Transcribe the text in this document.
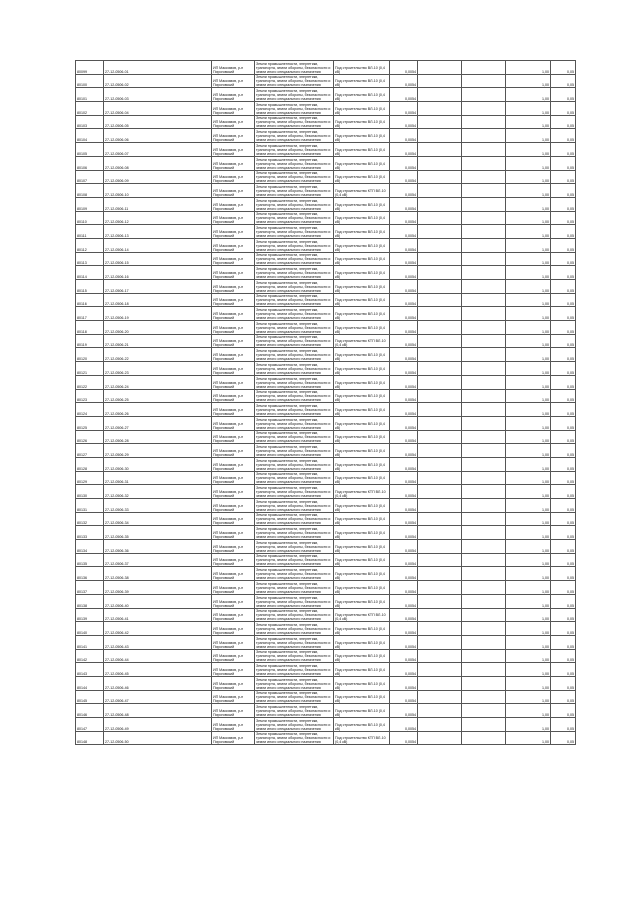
80099	27-12-0506-01	ИП Максимов, р-н Пироговский	Земли промышленности, энергетики, транспорта, земли обороны, безопасности и земли иного специального назначения	Под строительство ВЛ-10 (0,4 кВ)	0,0054			1,00	0,05
80100	27-12-0506-02	ИП Максимов, р-н Пироговский	Земли промышленности, энергетики, транспорта, земли обороны, безопасности и земли иного специального назначения	Под строительство ВЛ-10 (0,4 кВ)	0,0054			1,00	0,05
80101	27-12-0506-03	ИП Максимов, р-н Пироговский	Земли промышленности, энергетики, транспорта, земли обороны, безопасности и земли иного специального назначения	Под строительство ВЛ-10 (0,4 кВ)	0,0054			1,00	0,05
80102	27-12-0506-04	ИП Максимов, р-н Пироговский	Земли промышленности, энергетики, транспорта, земли обороны, безопасности и земли иного специального назначения	Под строительство ВЛ-10 (0,4 кВ)	0,0054			1,00	0,05
80103	27-12-0506-05	ИП Максимов, р-н Пироговский	Земли промышленности, энергетики, транспорта, земли обороны, безопасности и земли иного специального назначения	Под строительство ВЛ-10 (0,4 кВ)	0,0054			1,00	0,05
80104	27-12-0506-06	ИП Максимов, р-н Пироговский	Земли промышленности, энергетики, транспорта, земли обороны, безопасности и земли иного специального назначения	Под строительство ВЛ-10 (0,4 кВ)	0,0054			1,00	0,05
80105	27-12-0506-07	ИП Максимов, р-н Пироговский	Земли промышленности, энергетики, транспорта, земли обороны, безопасности и земли иного специального назначения	Под строительство ВЛ-10 (0,4 кВ)	0,0054			1,00	0,05
80106	27-12-0506-08	ИП Максимов, р-н Пироговский	Земли промышленности, энергетики, транспорта, земли обороны, безопасности и земли иного специального назначения	Под строительство ВЛ-10 (0,4 кВ)	0,0054			1,00	0,05
80107	27-12-0506-09	ИП Максимов, р-н Пироговский	Земли промышленности, энергетики, транспорта, земли обороны, безопасности и земли иного специального назначения	Под строительство ВЛ-10 (0,4 кВ)	0,0054			1,00	0,05
80108	27-12-0506-10	ИП Максимов, р-н Пироговский	Земли промышленности, энергетики, транспорта, земли обороны, безопасности и земли иного специального назначения	Под строительство КТП ВЛ-10 (0,4 кВ)	0,0054			1,00	0,05
80109	27-12-0506-11	ИП Максимов, р-н Пироговский	Земли промышленности, энергетики, транспорта, земли обороны, безопасности и земли иного специального назначения	Под строительство ВЛ-10 (0,4 кВ)	0,0054			1,00	0,05
80110	27-12-0506-12	ИП Максимов, р-н Пироговский	Земли промышленности, энергетики, транспорта, земли обороны, безопасности и земли иного специального назначения	Под строительство ВЛ-10 (0,4 кВ)	0,0054			1,00	0,05
80111	27-12-0506-13	ИП Максимов, р-н Пироговский	Земли промышленности, энергетики, транспорта, земли обороны, безопасности и земли иного специального назначения	Под строительство ВЛ-10 (0,4 кВ)	0,0054			1,00	0,05
80112	27-12-0506-14	ИП Максимов, р-н Пироговский	Земли промышленности, энергетики, транспорта, земли обороны, безопасности и земли иного специального назначения	Под строительство ВЛ-10 (0,4 кВ)	0,0054			1,00	0,05
80113	27-12-0506-15	ИП Максимов, р-н Пироговский	Земли промышленности, энергетики, транспорта, земли обороны, безопасности и земли иного специального назначения	Под строительство ВЛ-10 (0,4 кВ)	0,0054			1,00	0,05
80114	27-12-0506-16	ИП Максимов, р-н Пироговский	Земли промышленности, энергетики, транспорта, земли обороны, безопасности и земли иного специального назначения	Под строительство ВЛ-10 (0,4 кВ)	0,0054			1,00	0,05
80115	27-12-0506-17	ИП Максимов, р-н Пироговский	Земли промышленности, энергетики, транспорта, земли обороны, безопасности и земли иного специального назначения	Под строительство ВЛ-10 (0,4 кВ)	0,0054			1,00	0,05
80116	27-12-0506-18	ИП Максимов, р-н Пироговский	Земли промышленности, энергетики, транспорта, земли обороны, безопасности и земли иного специального назначения	Под строительство ВЛ-10 (0,4 кВ)	0,0054			1,00	0,05
80117	27-12-0506-19	ИП Максимов, р-н Пироговский	Земли промышленности, энергетики, транспорта, земли обороны, безопасности и земли иного специального назначения	Под строительство ВЛ-10 (0,4 кВ)	0,0054			1,00	0,05
80118	27-12-0506-20	ИП Максимов, р-н Пироговский	Земли промышленности, энергетики, транспорта, земли обороны, безопасности и земли иного специального назначения	Под строительство ВЛ-10 (0,4 кВ)	0,0054			1,00	0,05
80119	27-12-0506-21	ИП Максимов, р-н Пироговский	Земли промышленности, энергетики, транспорта, земли обороны, безопасности и земли иного специального назначения	Под строительство КТП ВЛ-10 (0,4 кВ)	0,0054			1,00	0,05
80120	27-12-0506-22	ИП Максимов, р-н Пироговский	Земли промышленности, энергетики, транспорта, земли обороны, безопасности и земли иного специального назначения	Под строительство ВЛ-10 (0,4 кВ)	0,0054			1,00	0,05
80121	27-12-0506-23	ИП Максимов, р-н Пироговский	Земли промышленности, энергетики, транспорта, земли обороны, безопасности и земли иного специального назначения	Под строительство ВЛ-10 (0,4 кВ)	0,0054			1,00	0,05
80122	27-12-0506-24	ИП Максимов, р-н Пироговский	Земли промышленности, энергетики, транспорта, земли обороны, безопасности и земли иного специального назначения	Под строительство ВЛ-10 (0,4 кВ)	0,0054			1,00	0,05
80123	27-12-0506-25	ИП Максимов, р-н Пироговский	Земли промышленности, энергетики, транспорта, земли обороны, безопасности и земли иного специального назначения	Под строительство ВЛ-10 (0,4 кВ)	0,0054			1,00	0,05
80124	27-12-0506-26	ИП Максимов, р-н Пироговский	Земли промышленности, энергетики, транспорта, земли обороны, безопасности и земли иного специального назначения	Под строительство ВЛ-10 (0,4 кВ)	0,0054			1,00	0,05
80125	27-12-0506-27	ИП Максимов, р-н Пироговский	Земли промышленности, энергетики, транспорта, земли обороны, безопасности и земли иного специального назначения	Под строительство ВЛ-10 (0,4 кВ)	0,0054			1,00	0,05
80126	27-12-0506-28	ИП Максимов, р-н Пироговский	Земли промышленности, энергетики, транспорта, земли обороны, безопасности и земли иного специального назначения	Под строительство ВЛ-10 (0,4 кВ)	0,0054			1,00	0,05
80127	27-12-0506-29	ИП Максимов, р-н Пироговский	Земли промышленности, энергетики, транспорта, земли обороны, безопасности и земли иного специального назначения	Под строительство ВЛ-10 (0,4 кВ)	0,0054			1,00	0,05
80128	27-12-0506-30	ИП Максимов, р-н Пироговский	Земли промышленности, энергетики, транспорта, земли обороны, безопасности и земли иного специального назначения	Под строительство ВЛ-10 (0,4 кВ)	0,0054			1,00	0,05
80129	27-12-0506-31	ИП Максимов, р-н Пироговский	Земли промышленности, энергетики, транспорта, земли обороны, безопасности и земли иного специального назначения	Под строительство ВЛ-10 (0,4 кВ)	0,0054			1,00	0,05
80130	27-12-0506-32	ИП Максимов, р-н Пироговский	Земли промышленности, энергетики, транспорта, земли обороны, безопасности и земли иного специального назначения	Под строительство КТП ВЛ-10 (0,4 кВ)	0,0054			1,00	0,05
80131	27-12-0506-33	ИП Максимов, р-н Пироговский	Земли промышленности, энергетики, транспорта, земли обороны, безопасности и земли иного специального назначения	Под строительство ВЛ-10 (0,4 кВ)	0,0054			1,00	0,05
80132	27-12-0506-34	ИП Максимов, р-н Пироговский	Земли промышленности, энергетики, транспорта, земли обороны, безопасности и земли иного специального назначения	Под строительство ВЛ-10 (0,4 кВ)	0,0054			1,00	0,05
80133	27-12-0506-35	ИП Максимов, р-н Пироговский	Земли промышленности, энергетики, транспорта, земли обороны, безопасности и земли иного специального назначения	Под строительство ВЛ-10 (0,4 кВ)	0,0054			1,00	0,05
80134	27-12-0506-36	ИП Максимов, р-н Пироговский	Земли промышленности, энергетики, транспорта, земли обороны, безопасности и земли иного специального назначения	Под строительство ВЛ-10 (0,4 кВ)	0,0054			1,00	0,05
80135	27-12-0506-37	ИП Максимов, р-н Пироговский	Земли промышленности, энергетики, транспорта, земли обороны, безопасности и земли иного специального назначения	Под строительство ВЛ-10 (0,4 кВ)	0,0054			1,00	0,05
80136	27-12-0506-38	ИП Максимов, р-н Пироговский	Земли промышленности, энергетики, транспорта, земли обороны, безопасности и земли иного специального назначения	Под строительство ВЛ-10 (0,4 кВ)	0,0054			1,00	0,05
80137	27-12-0506-39	ИП Максимов, р-н Пироговский	Земли промышленности, энергетики, транспорта, земли обороны, безопасности и земли иного специального назначения	Под строительство ВЛ-10 (0,4 кВ)	0,0054			1,00	0,05
80138	27-12-0506-40	ИП Максимов, р-н Пироговский	Земли промышленности, энергетики, транспорта, земли обороны, безопасности и земли иного специального назначения	Под строительство ВЛ-10 (0,4 кВ)	0,0054			1,00	0,05
80139	27-12-0506-41	ИП Максимов, р-н Пироговский	Земли промышленности, энергетики, транспорта, земли обороны, безопасности и земли иного специального назначения	Под строительство КТП ВЛ-10 (0,4 кВ)	0,0054			1,00	0,05
80140	27-12-0506-42	ИП Максимов, р-н Пироговский	Земли промышленности, энергетики, транспорта, земли обороны, безопасности и земли иного специального назначения	Под строительство ВЛ-10 (0,4 кВ)	0,0054			1,00	0,05
80141	27-12-0506-43	ИП Максимов, р-н Пироговский	Земли промышленности, энергетики, транспорта, земли обороны, безопасности и земли иного специального назначения	Под строительство ВЛ-10 (0,4 кВ)	0,0054			1,00	0,05
80142	27-12-0506-44	ИП Максимов, р-н Пироговский	Земли промышленности, энергетики, транспорта, земли обороны, безопасности и земли иного специального назначения	Под строительство ВЛ-10 (0,4 кВ)	0,0054			1,00	0,05
80143	27-12-0506-45	ИП Максимов, р-н Пироговский	Земли промышленности, энергетики, транспорта, земли обороны, безопасности и земли иного специального назначения	Под строительство ВЛ-10 (0,4 кВ)	0,0054			1,00	0,05
80144	27-12-0506-46	ИП Максимов, р-н Пироговский	Земли промышленности, энергетики, транспорта, земли обороны, безопасности и земли иного специального назначения	Под строительство ВЛ-10 (0,4 кВ)	0,0054			1,00	0,05
80145	27-12-0506-47	ИП Максимов, р-н Пироговский	Земли промышленности, энергетики, транспорта, земли обороны, безопасности и земли иного специального назначения	Под строительство ВЛ-10 (0,4 кВ)	0,0054			1,00	0,05
80146	27-12-0506-48	ИП Максимов, р-н Пироговский	Земли промышленности, энергетики, транспорта, земли обороны, безопасности и земли иного специального назначения	Под строительство ВЛ-10 (0,4 кВ)	0,0054			1,00	0,05
80147	27-12-0506-49	ИП Максимов, р-н Пироговский	Земли промышленности, энергетики, транспорта, земли обороны, безопасности и земли иного специального назначения	Под строительство ВЛ-10 (0,4 кВ)	0,0054			1,00	0,05
80148	27-12-0506-50	ИП Максимов, р-н Пироговский	Земли промышленности, энергетики, транспорта, земли обороны, безопасности и земли иного специального назначения	Под строительство КТП ВЛ-10 (0,4 кВ)	0,0054			1,00	0,05
